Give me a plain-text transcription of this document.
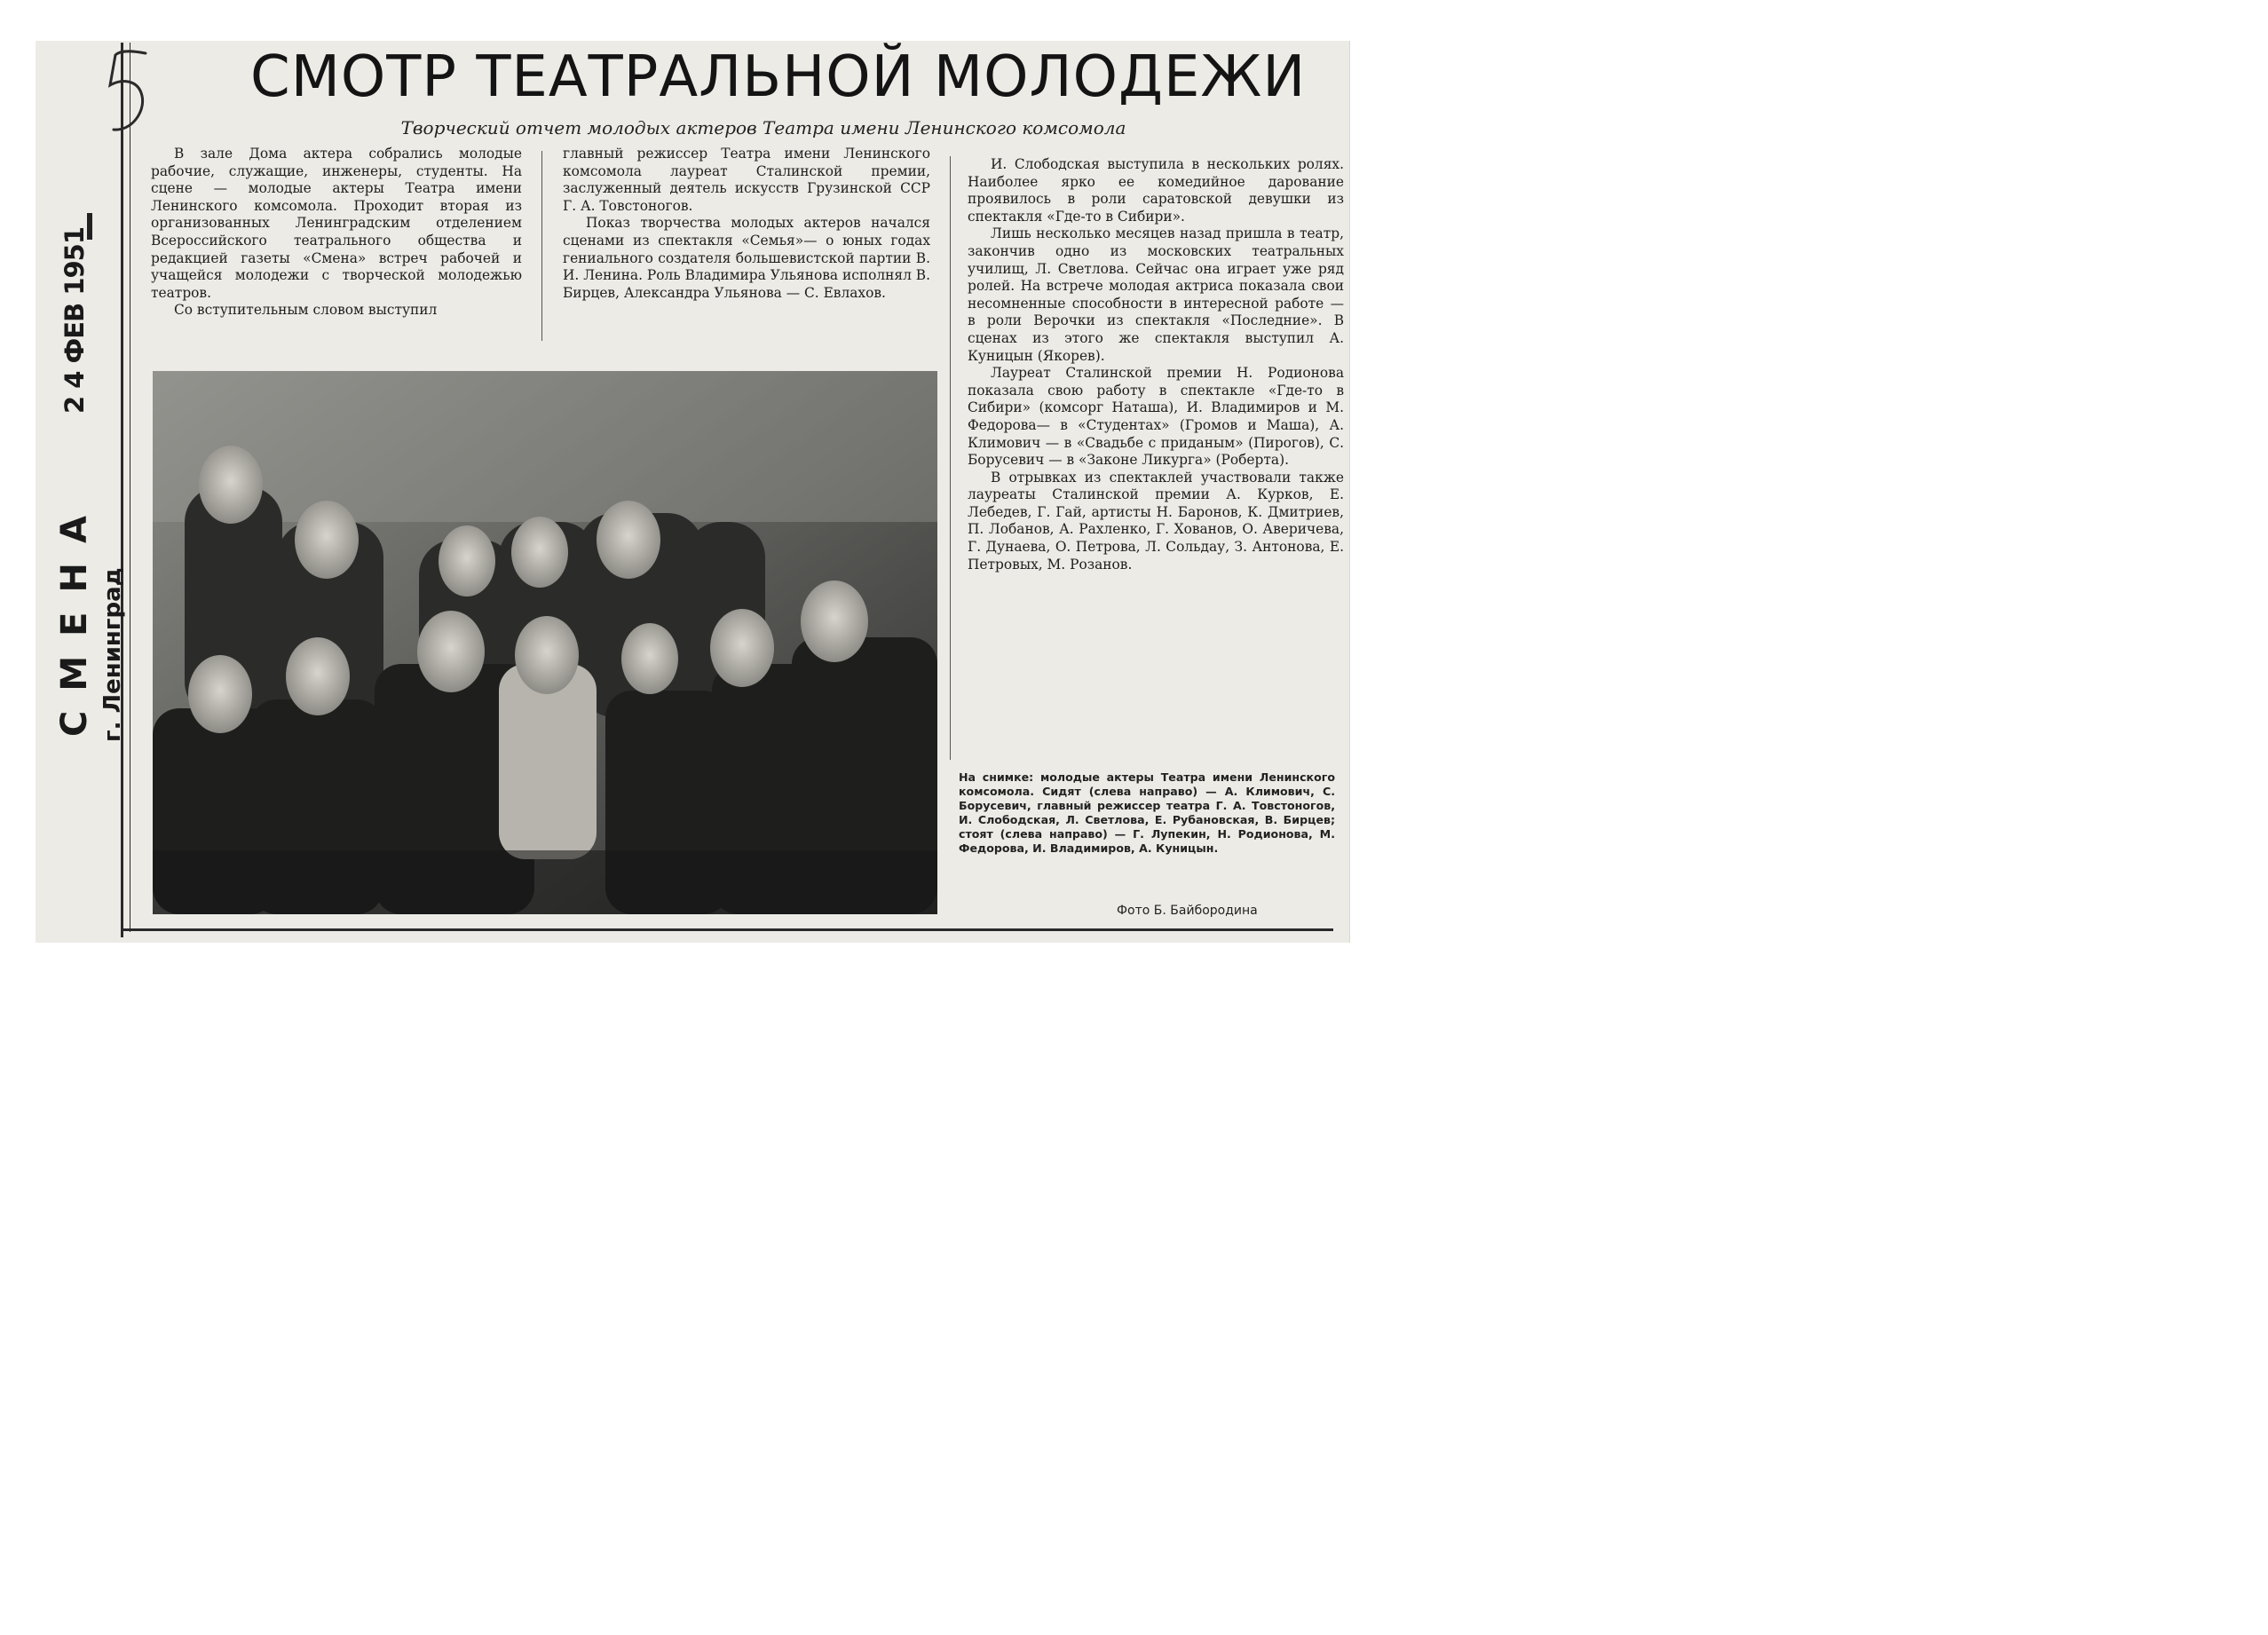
СМЕНА г. Ленинград
СМОТР ТЕАТРАЛЬНОЙ МОЛОДЕЖИ
Творческий отчет молодых актеров Театра имени Ленинского комсомола

В зале Дома актера собрались молодые рабочие, служащие, инженеры, студенты. На сцене — молодые актеры Театра имени Ленинского комсомола. Проходит вторая из организованных Ленинградским отделением Всероссийского театрального общества и редакцией газеты «Смена» встреч рабочей и учащейся молодежи с творческой молодежью театров.

Со вступительным словом выступил

главный режиссер Театра имени Ленинского комсомола лауреат Сталинской премии, заслуженный деятель искусств Грузинской ССР Г. А. Товстоногов.

Показ творчества молодых актеров начался сценами из спектакля «Семья»— о юных годах гениального создателя большевистской партии В. И. Ленина. Роль Владимира Ульянова исполнял В. Бирцев, Александра Ульянова — С. Евлахов.

И. Слободская выступила в нескольких ролях. Наиболее ярко ее комедийное дарование проявилось в роли саратовской девушки из спектакля «Где-то в Сибири».

Лишь несколько месяцев назад пришла в театр, закончив одно из московских театральных училищ, Л. Светлова. Сейчас она играет уже ряд ролей. На встрече молодая актриса показала свои несомненные способности в интересной работе — в роли Верочки из спектакля «Последние». В сценах из этого же спектакля выступил А. Куницын (Якорев).

Лауреат Сталинской премии Н. Родионова показала свою работу в спектакле «Где-то в Сибири» (комсорг Наташа), И. Владимиров и М. Федорова— в «Студентах» (Громов и Маша), А. Климович — в «Свадьбе с приданым» (Пирогов), С. Борусевич — в «Законе Ликурга» (Роберта).

В отрывках из спектаклей участвовали также лауреаты Сталинской премии А. Курков, Е. Лебедев, Г. Гай, артисты Н. Баронов, К. Дмитриев, П. Лобанов, А. Рахленко, Г. Хованов, О. Аверичева, Г. Дунаева, О. Петрова, Л. Сольдау, З. Антонова, Е. Петровых, М. Розанов.

На снимке: молодые актеры Театра имени Ленинского комсомола. Сидят (слева направо) — А. Климович, С. Борусевич, главный режиссер театра Г. А. Товстоногов, И. Слободская, Л. Светлова, Е. Рубановская, В. Бирцев; стоят (слева направо) — Г. Лупекин, Н. Родионова, М. Федорова, И. Владимиров, А. Куницын.
Фото Б. Байбородина
